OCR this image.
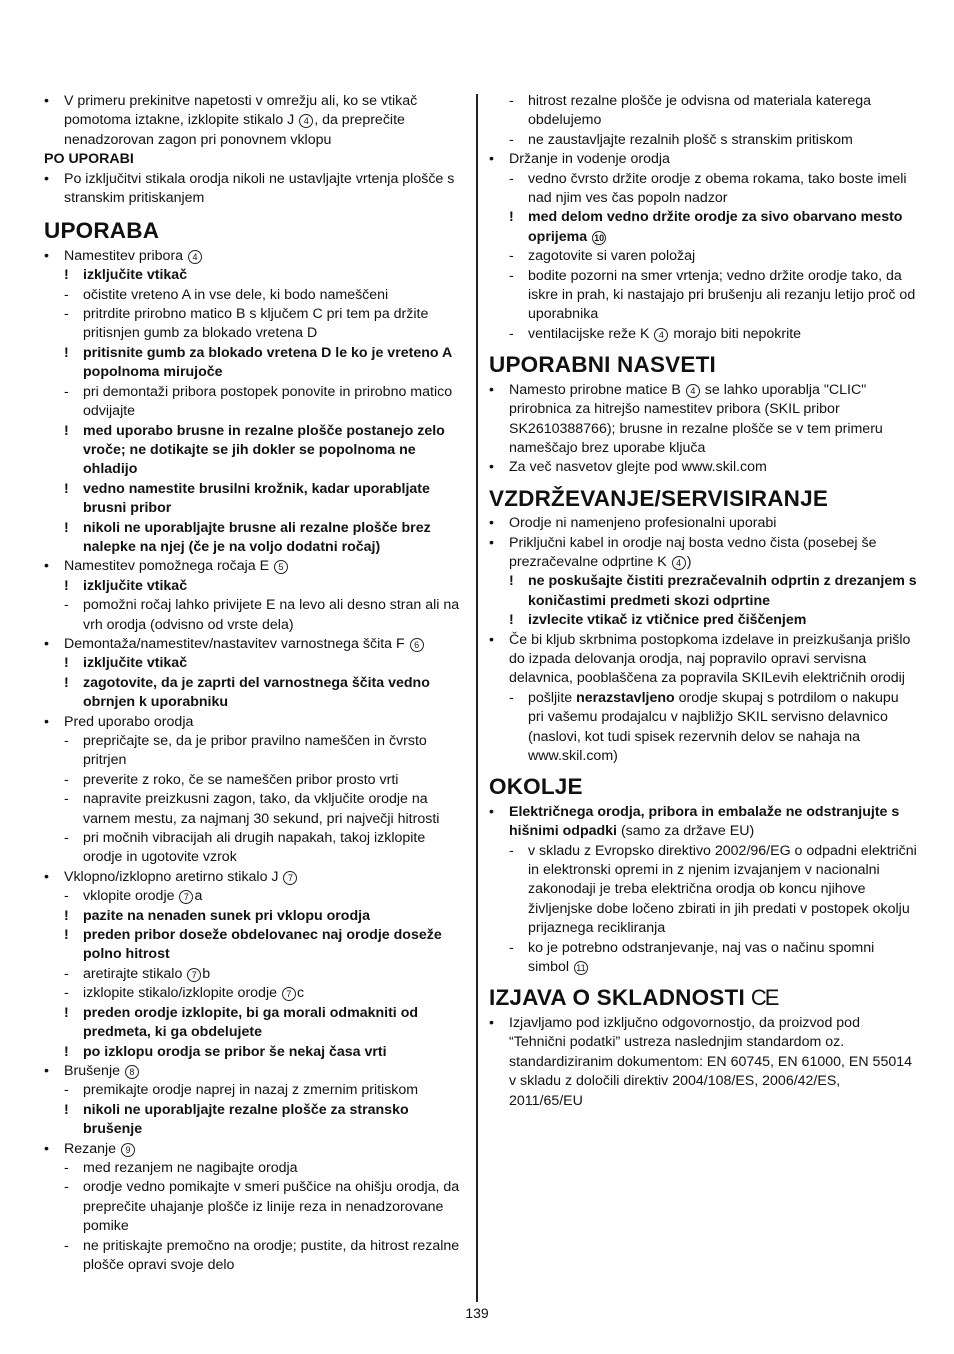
•	V primeru prekinitve napetosti v omrežju ali, ko se vtikač pomotoma iztakne, izklopite stikalo J 4 , da preprečite nenadzorovan zagon pri ponovnem vklopu
PO UPORABI
•	Po izključitvi stikala orodja nikoli ne ustavljajte vrtenja plošče s stranskim pritiskanjem
UPORABA
•	Namestitev pribora 4
!	izključite vtikač
-	očistite vreteno A in vse dele, ki bodo nameščeni
-	pritrdite prirobno matico B s ključem C pri tem pa držite pritisnjen gumb za blokado vretena D
!	pritisnite gumb za blokado vretena D le ko je vreteno A popolnoma mirujoče
-	pri demontaži pribora postopek ponovite in prirobno matico odvijajte
!	med uporabo brusne in rezalne plošče postanejo zelo vroče; ne dotikajte se jih dokler se popolnoma ne ohladijo
!	vedno namestite brusilni krožnik, kadar uporabljate brusni pribor
!	nikoli ne uporabljajte brusne ali rezalne plošče brez nalepke na njej (če je na voljo dodatni ročaj)
•	Namestitev pomožnega ročaja E 5
!	izključite vtikač
-	pomožni ročaj lahko privijete E na levo ali desno stran ali na vrh orodja (odvisno od vrste dela)
•	Demontaža/namestitev/nastavitev varnostnega ščita F 6
!	izključite vtikač
!	zagotovite, da je zaprti del varnostnega ščita vedno obrnjen k uporabniku
•	Pred uporabo orodja
-	prepričajte se, da je pribor pravilno nameščen in čvrsto pritrjen
-	preverite z roko, če se nameščen pribor prosto vrti
-	napravite preizkusni zagon, tako, da vključite orodje na varnem mestu, za najmanj 30 sekund, pri največji hitrosti
-	pri močnih vibracijah ali drugih napakah, takoj izklopite orodje in ugotovite vzrok
•	Vklopno/izklopno aretirno stikalo J 7
-	vklopite orodje 7 a
!	pazite na nenaden sunek pri vklopu orodja
!	preden pribor doseže obdelovanec naj orodje doseže polno hitrost
-	aretirajte stikalo 7 b
-	izklopite stikalo/izklopite orodje 7 c
!	preden orodje izklopite, bi ga morali odmakniti od predmeta, ki ga obdelujete
!	po izklopu orodja se pribor še nekaj časa vrti
•	Brušenje 8
-	premikajte orodje naprej in nazaj z zmernim pritiskom
!	nikoli ne uporabljajte rezalne plošče za stransko brušenje
•	Rezanje 9
-	med rezanjem ne nagibajte orodja
-	orodje vedno pomikajte v smeri puščice na ohišju orodja, da preprečite uhajanje plošče iz linije reza in nenadzorovane pomike
-	ne pritiskajte premočno na orodje; pustite, da hitrost rezalne plošče opravi svoje delo
-	hitrost rezalne plošče je odvisna od materiala katerega obdelujemo
-	ne zaustavljajte rezalnih plošč s stranskim pritiskom
•	Držanje in vodenje orodja
-	vedno čvrsto držite orodje z obema rokama, tako boste imeli nad njim ves čas popoln nadzor
!	med delom vedno držite orodje za sivo obarvano mesto oprijema 10
-	zagotovite si varen položaj
-	bodite pozorni na smer vrtenja; vedno držite orodje tako, da iskre in prah, ki nastajajo pri brušenju ali rezanju letijo proč od uporabnika
-	ventilacijske reže K 4 morajo biti nepokrite
UPORABNI NASVETI
•	Namesto prirobne matice B 4 se lahko uporablja "CLIC" prirobnica za hitrejšo namestitev pribora (SKIL pribor SK2610388766); brusne in rezalne plošče se v tem primeru nameščajo brez uporabe ključa
•	Za več nasvetov glejte pod www.skil.com
VZDRŽEVANJE/SERVISIRANJE
•	Orodje ni namenjeno profesionalni uporabi
•	Priključni kabel in orodje naj bosta vedno čista (posebej še prezračevalne odprtine K 4 )
!	ne poskušajte čistiti prezračevalnih odprtin z drezanjem s koničastimi predmeti skozi odprtine
!	izvlecite vtikač iz vtičnice pred čiščenjem
•	Če bi kljub skrbnima postopkoma izdelave in preizkušanja prišlo do izpada delovanja orodja, naj popravilo opravi servisna delavnica, pooblaščena za popravila SKILevih električnih orodij
-	pošljite nerazstavljeno orodje skupaj s potrdilom o nakupu pri vašemu prodajalcu v najbližjo SKIL servisno delavnico (naslovi, kot tudi spisek rezervnih delov se nahaja na www.skil.com)
OKOLJE
•	Električnega orodja, pribora in embalaže ne odstranjujte s hišnimi odpadki (samo za države EU)
-	v skladu z Evropsko direktivo 2002/96/EG o odpadni električni in elektronski opremi in z njenim izvajanjem v nacionalni zakonodaji je treba električna orodja ob koncu njihove življenjske dobe ločeno zbirati in jih predati v postopek okolju prijaznega recikliranja
-	ko je potrebno odstranjevanje, naj vas o načinu spomni simbol 11
IZJAVA O SKLADNOSTI CE
•	Izjavljamo pod izključno odgovornostjo, da proizvod pod “Tehnični podatki” ustreza naslednjim standardom oz. standardiziranim dokumentom: EN 60745, EN 61000, EN 55014 v skladu z določili direktiv 2004/108/ES, 2006/42/ES, 2011/65/EU
139
